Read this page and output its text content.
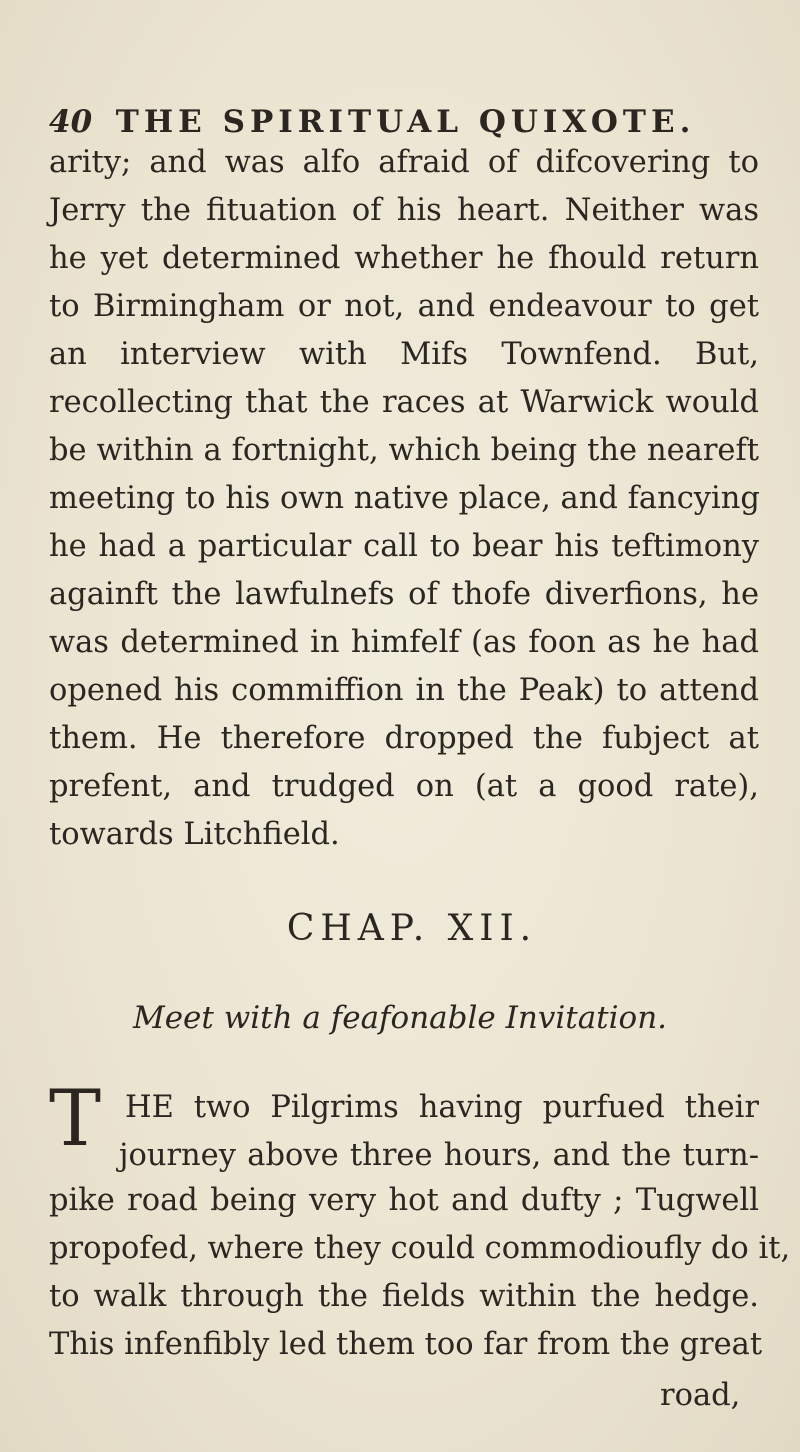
40 THE SPIRITUAL QUIXOTE.
arity; and was alfo afraid of difcovering to
Jerry the fituation of his heart. Neither was
he yet determined whether he fhould return
to Birmingham or not, and endeavour to get
an interview with Mifs Townfend. But,
recollecting that the races at Warwick would
be within a fortnight, which being the neareft
meeting to his own native place, and fancying
he had a particular call to bear his teftimony
againft the lawfulnefs of thofe diverfions, he
was determined in himfelf (as foon as he had
opened his commiffion in the Peak) to attend
them. He therefore dropped the fubject at
prefent, and trudged on (at a good rate),
towards Litchfield.
CHAP. XII.
Meet with a feafonable Invitation.
T HE two Pilgrims having purfued their
journey above three hours, and the turn-
pike road being very hot and dufty ; Tugwell
propofed, where they could commodioufly do it,
to walk through the fields within the hedge.
This infenfibly led them too far from the great
road,
